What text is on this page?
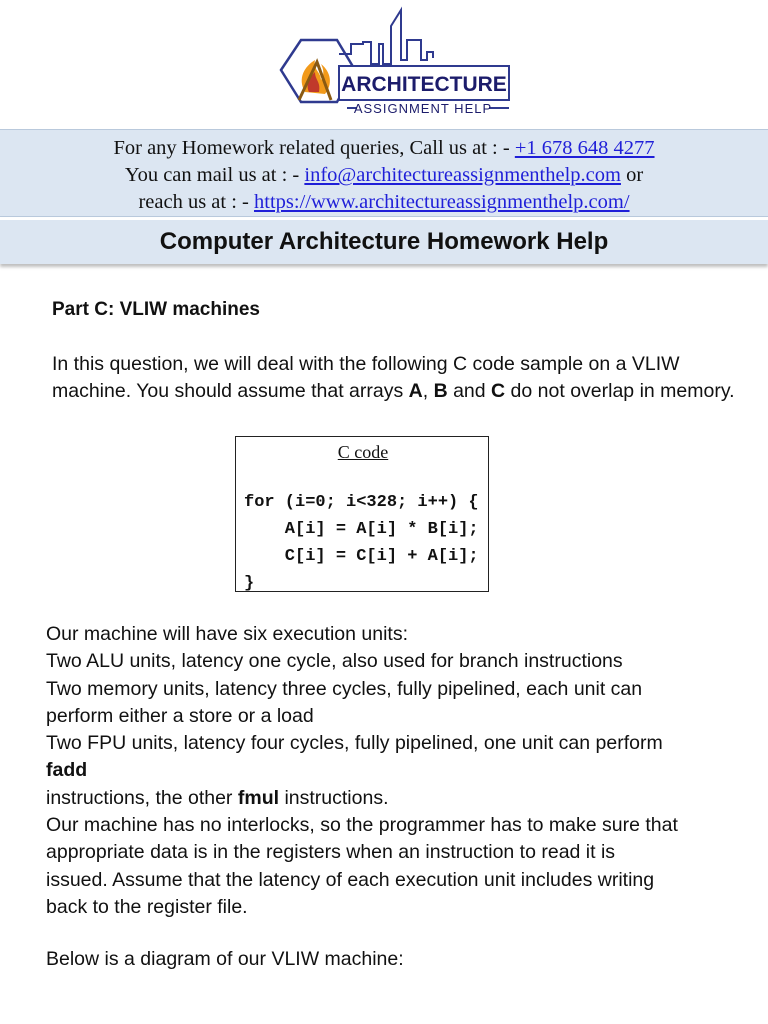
ARCHITECTURE
ASSIGNMENT HELP
For any Homework related queries, Call us at : - +1 678 648 4277
You can mail us at : - info@architectureassignmenthelp.com or
reach us at : - https://www.architectureassignmenthelp.com/
Computer Architecture Homework Help
Part C: VLIW machines
In this question, we will deal with the following C code sample on a VLIW machine. You should assume that arrays A, B and C do not overlap in memory.
C code
for (i=0; i<328; i++) {
A[i] = A[i] * B[i];
C[i] = C[i] + A[i];
}
Our machine will have six execution units:
Two ALU units, latency one cycle, also used for branch instructions
Two memory units, latency three cycles, fully pipelined, each unit can
perform either a store or a load
Two FPU units, latency four cycles, fully pipelined, one unit can perform
fadd
instructions, the other fmul instructions.
Our machine has no interlocks, so the programmer has to make sure that
appropriate data is in the registers when an instruction to read it is
issued. Assume that the latency of each execution unit includes writing
back to the register file.
Below is a diagram of our VLIW machine:
